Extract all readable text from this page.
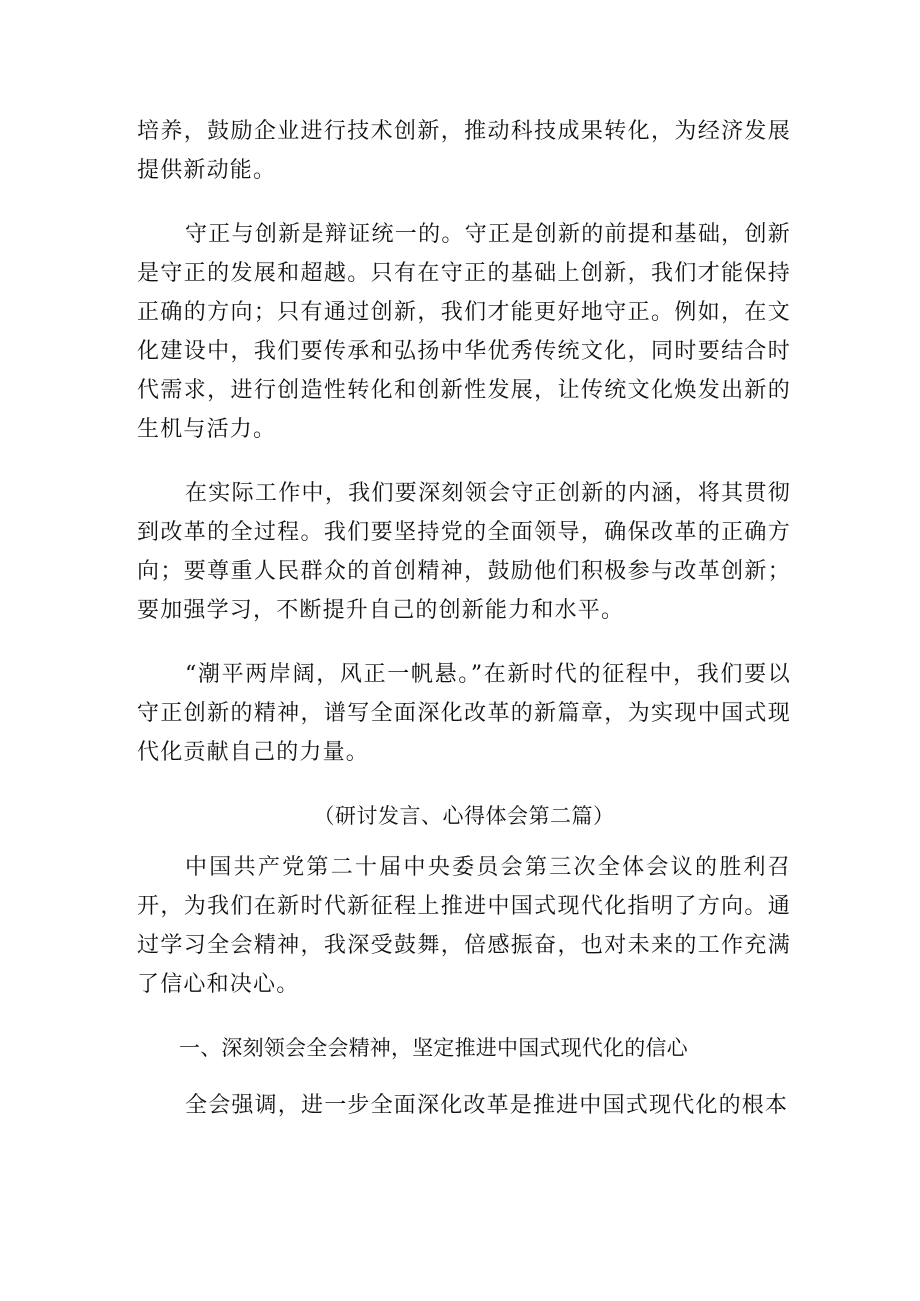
培养，鼓励企业进行技术创新，推动科技成果转化，为经济发展提供新动能。

守正与创新是辩证统一的。守正是创新的前提和基础，创新是守正的发展和超越。只有在守正的基础上创新，我们才能保持正确的方向；只有通过创新，我们才能更好地守正。例如，在文化建设中，我们要传承和弘扬中华优秀传统文化，同时要结合时代需求，进行创造性转化和创新性发展，让传统文化焕发出新的生机与活力。

在实际工作中，我们要深刻领会守正创新的内涵，将其贯彻到改革的全过程。我们要坚持党的全面领导，确保改革的正确方向；要尊重人民群众的首创精神，鼓励他们积极参与改革创新；要加强学习，不断提升自己的创新能力和水平。

“潮平两岸阔，风正一帆悬。”在新时代的征程中，我们要以守正创新的精神，谱写全面深化改革的新篇章，为实现中国式现代化贡献自己的力量。

（研讨发言、心得体会第二篇）

中国共产党第二十届中央委员会第三次全体会议的胜利召开，为我们在新时代新征程上推进中国式现代化指明了方向。通过学习全会精神，我深受鼓舞，倍感振奋，也对未来的工作充满了信心和决心。

一、深刻领会全会精神，坚定推进中国式现代化的信心

全会强调，进一步全面深化改革是推进中国式现代化的根本
